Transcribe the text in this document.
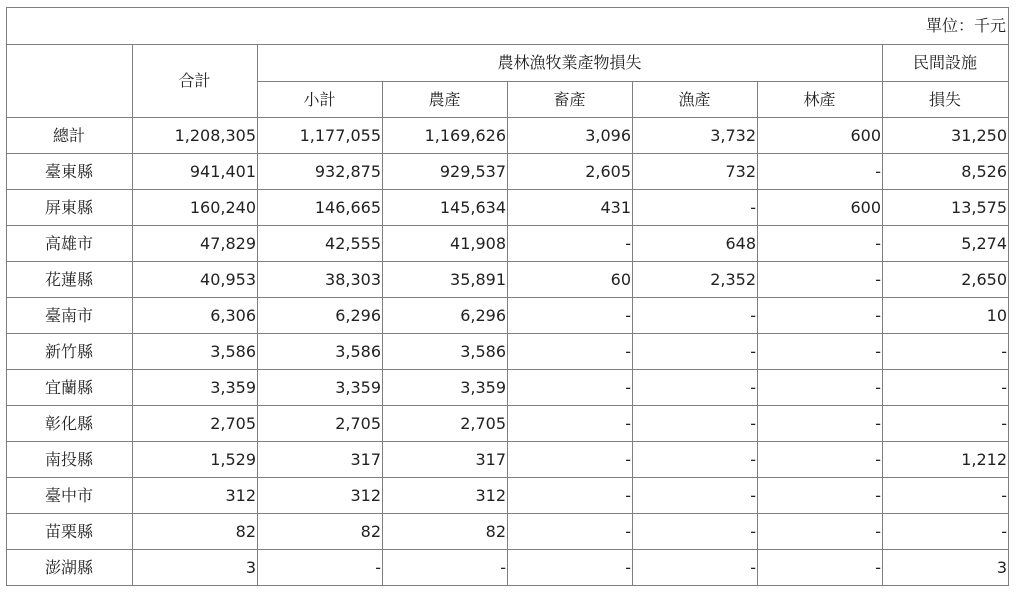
單位：千元							
	合計	農林漁牧業產物損失					民間設施
		小計	農產	畜產	漁產	林產	損失
總計	1,208,305	1,177,055	1,169,626	3,096	3,732	600	31,250
臺東縣	941,401	932,875	929,537	2,605	732	-	8,526
屏東縣	160,240	146,665	145,634	431	-	600	13,575
高雄市	47,829	42,555	41,908	-	648	-	5,274
花蓮縣	40,953	38,303	35,891	60	2,352	-	2,650
臺南市	6,306	6,296	6,296	-	-	-	10
新竹縣	3,586	3,586	3,586	-	-	-	-
宜蘭縣	3,359	3,359	3,359	-	-	-	-
彰化縣	2,705	2,705	2,705	-	-	-	-
南投縣	1,529	317	317	-	-	-	1,212
臺中市	312	312	312	-	-	-	-
苗栗縣	82	82	82	-	-	-	-
澎湖縣	3	-	-	-	-	-	3
